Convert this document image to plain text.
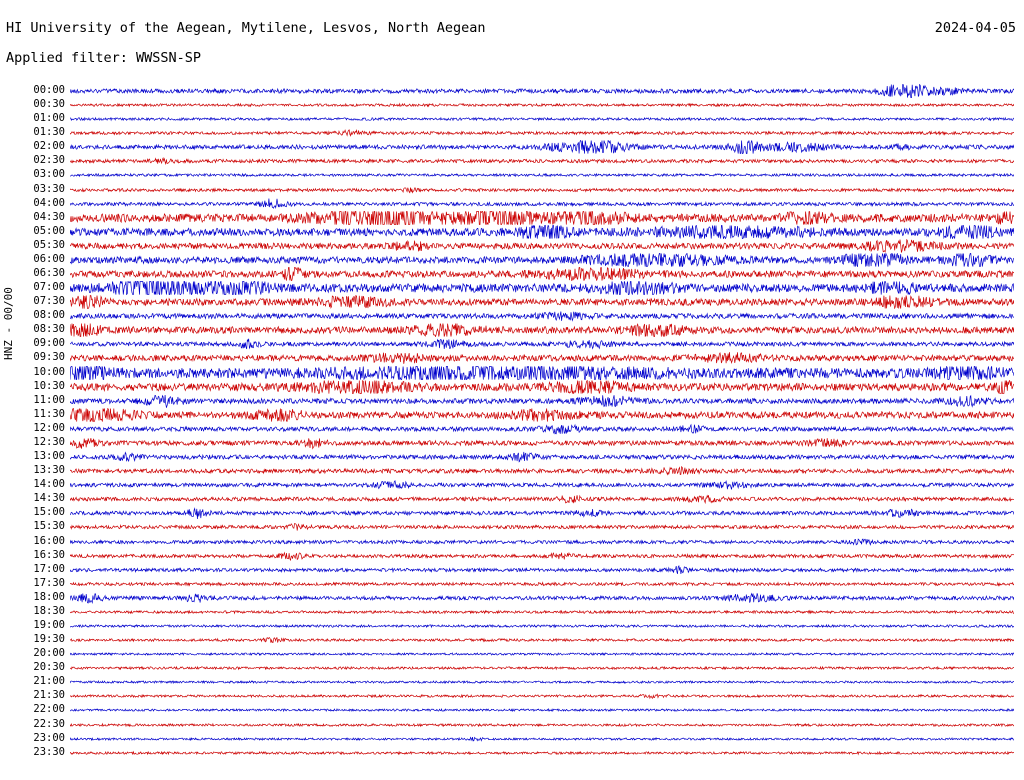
HI University of the Aegean, Mytilene, Lesvos, North Aegean
Applied filter: WWSSN-SP
2024-04-05
HNZ - 00/00
00:00
00:30
01:00
01:30
02:00
02:30
03:00
03:30
04:00
04:30
05:00
05:30
06:00
06:30
07:00
07:30
08:00
08:30
09:00
09:30
10:00
10:30
11:00
11:30
12:00
12:30
13:00
13:30
14:00
14:30
15:00
15:30
16:00
16:30
17:00
17:30
18:00
18:30
19:00
19:30
20:00
20:30
21:00
21:30
22:00
22:30
23:00
23:30
